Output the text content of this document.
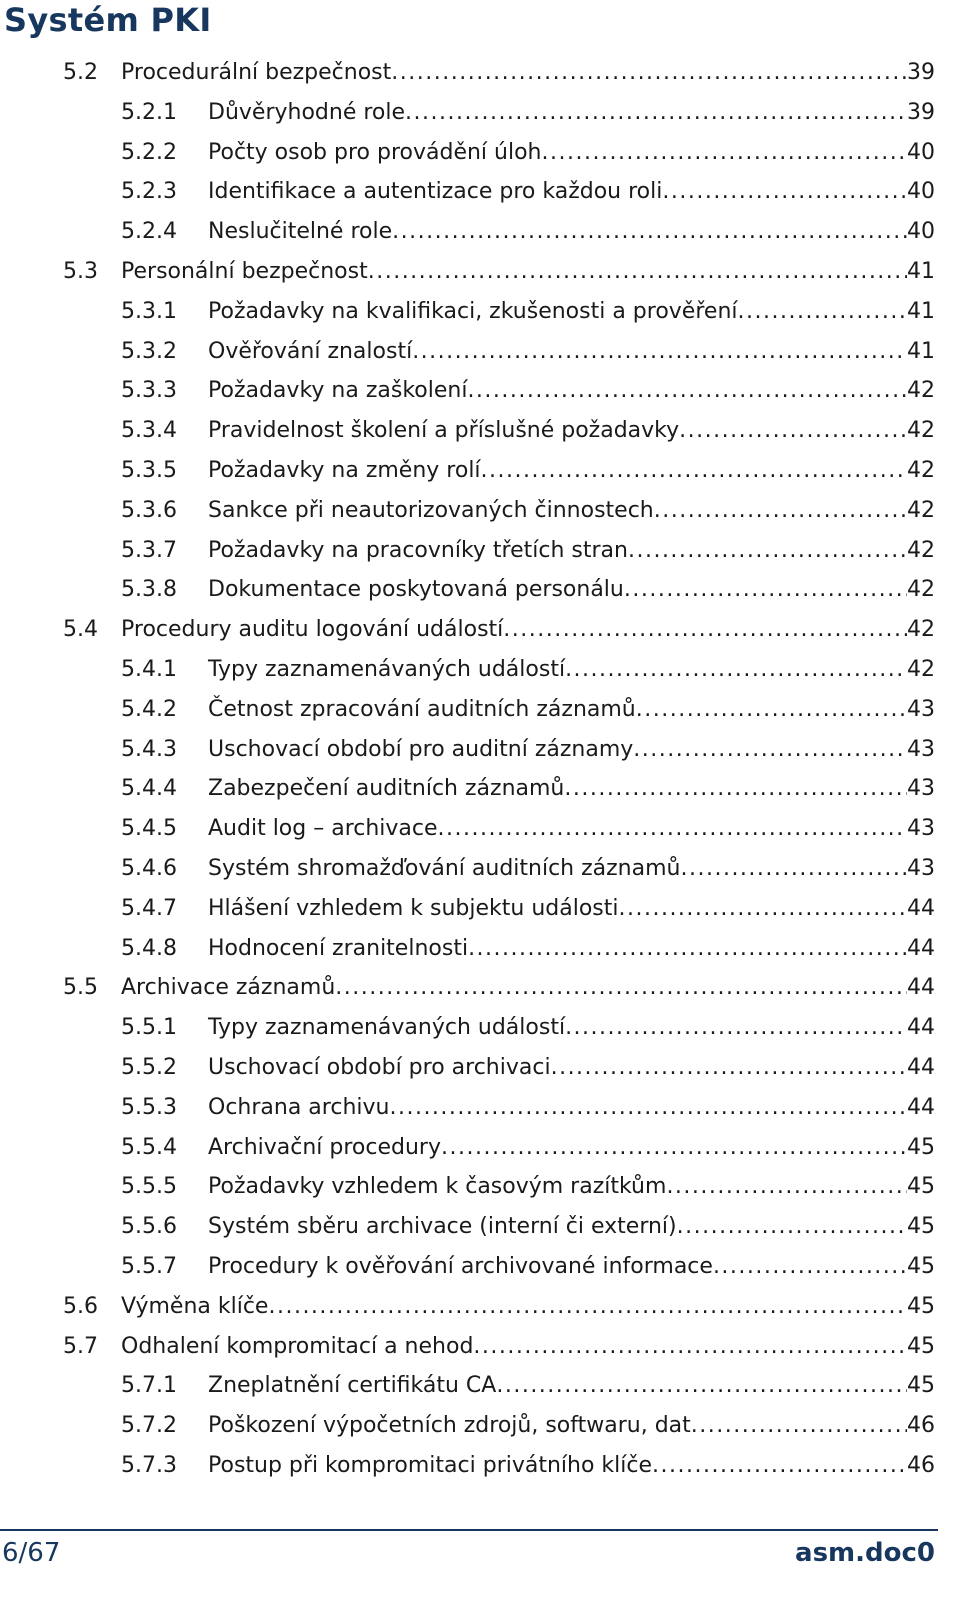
Systém PKI
5.2	Procedurální bezpečnost .....	39
5.2.1	Důvěryhodné role .....	39
5.2.2	Počty osob pro provádění úloh .....	40
5.2.3	Identifikace a autentizace pro každou roli .....	40
5.2.4	Neslučitelné role .....	40
5.3	Personální bezpečnost .....	41
5.3.1	Požadavky na kvalifikaci, zkušenosti a prověření .....	41
5.3.2	Ověřování znalostí .....	41
5.3.3	Požadavky na zaškolení .....	42
5.3.4	Pravidelnost školení a příslušné požadavky .....	42
5.3.5	Požadavky na změny rolí .....	42
5.3.6	Sankce při neautorizovaných činnostech .....	42
5.3.7	Požadavky na pracovníky třetích stran .....	42
5.3.8	Dokumentace poskytovaná personálu .....	42
5.4	Procedury auditu logování událostí .....	42
5.4.1	Typy zaznamenávaných událostí .....	42
5.4.2	Četnost zpracování auditních záznamů .....	43
5.4.3	Uschovací období pro auditní záznamy .....	43
5.4.4	Zabezpečení auditních záznamů .....	43
5.4.5	Audit log – archivace .....	43
5.4.6	Systém shromažďování auditních záznamů .....	43
5.4.7	Hlášení vzhledem k subjektu události .....	44
5.4.8	Hodnocení zranitelnosti .....	44
5.5	Archivace záznamů .....	44
5.5.1	Typy zaznamenávaných událostí .....	44
5.5.2	Uschovací období pro archivaci .....	44
5.5.3	Ochrana archivu .....	44
5.5.4	Archivační procedury .....	45
5.5.5	Požadavky vzhledem k časovým razítkům .....	45
5.5.6	Systém sběru archivace (interní či externí) .....	45
5.5.7	Procedury k ověřování archivované informace .....	45
5.6	Výměna klíče .....	45
5.7	Odhalení kompromitací a nehod .....	45
5.7.1	Zneplatnění certifikátu CA .....	45
5.7.2	Poškození výpočetních zdrojů, softwaru, dat .....	46
5.7.3	Postup při kompromitaci privátního klíče .....	46
6/67	asm.doc0
